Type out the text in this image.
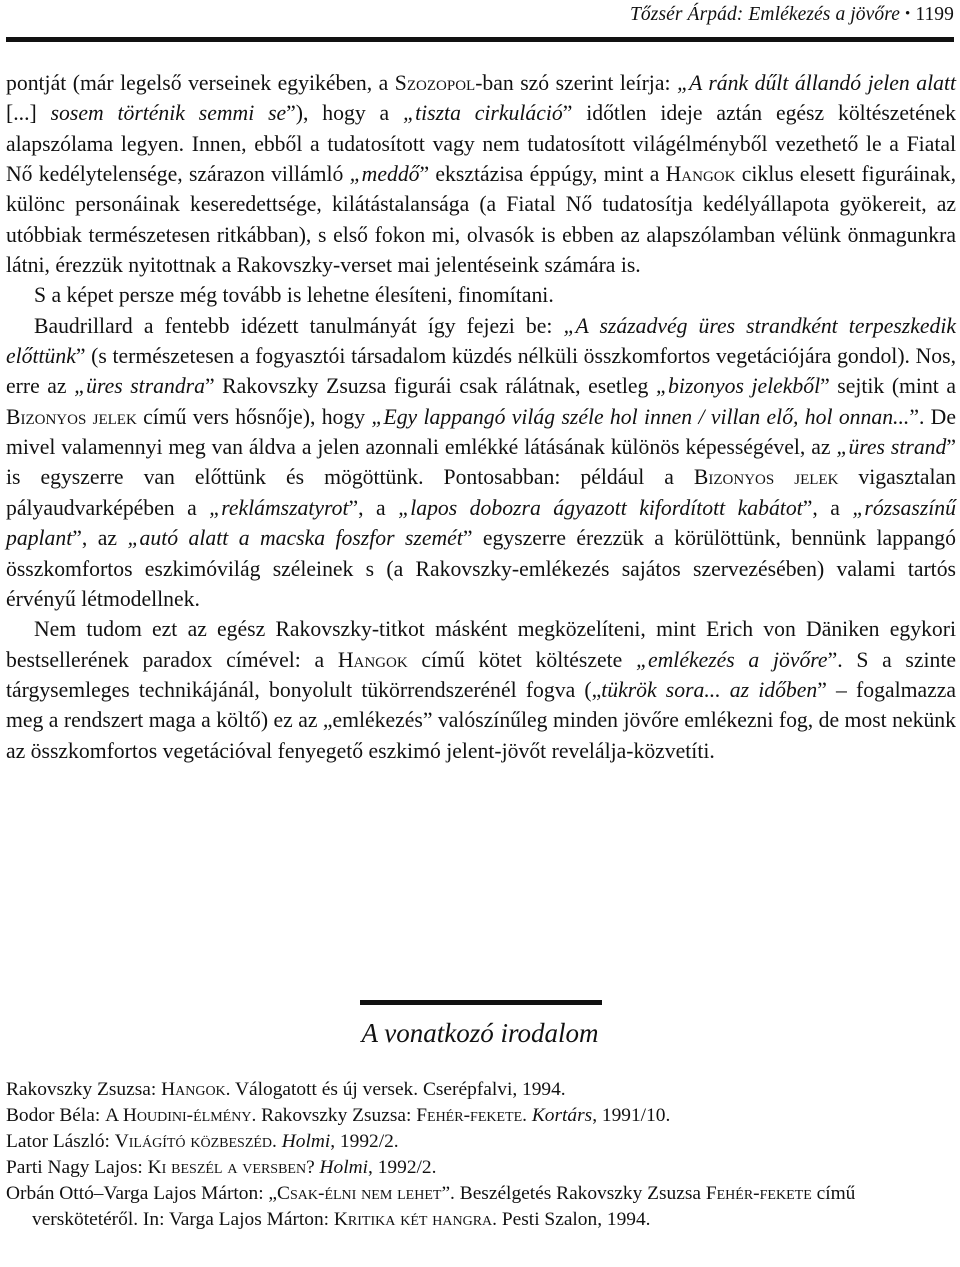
Tőzsér Árpád: Emlékezés a jövőre • 1199

pontját (már legelső verseinek egyikében, a Szozopol-ban szó szerint leírja: „A ránk dűlt állandó jelen alatt [...] sosem történik semmi se”), hogy a „tiszta cirkuláció” időtlen ideje aztán egész költészetének alapszólama legyen. Innen, ebből a tudatosított vagy nem tudatosított világélményből vezethető le a Fiatal Nő kedélytelensége, szárazon villámló „meddő” eksztázisa éppúgy, mint a Hangok ciklus elesett figuráinak, különc personáinak keseredettsége, kilátástalansága (a Fiatal Nő tudatosítja kedélyállapota gyökereit, az utóbbiak természetesen ritkábban), s első fokon mi, olvasók is ebben az alapszólamban vélünk önmagunkra látni, érezzük nyitottnak a Rakovszky-verset mai jelentéseink számára is.

S a képet persze még tovább is lehetne élesíteni, finomítani.

Baudrillard a fentebb idézett tanulmányát így fejezi be: „A századvég üres strandként terpeszkedik előttünk” (s természetesen a fogyasztói társadalom küzdés nélküli összkomfortos vegetációjára gondol). Nos, erre az „üres strandra” Rakovszky Zsuzsa figurái csak rálátnak, esetleg „bizonyos jelekből” sejtik (mint a Bizonyos jelek című vers hősnője), hogy „Egy lappangó világ széle hol innen / villan elő, hol onnan...”. De mivel valamennyi meg van áldva a jelen azonnali emlékké látásának különös képességével, az „üres strand” is egyszerre van előttünk és mögöttünk. Pontosabban: például a Bizonyos jelek vigasztalan pályaudvarképében a „reklámszatyrot”, a „lapos dobozra ágyazott kifordított kabátot”, a „rózsaszínű paplant”, az „autó alatt a macska foszfor szemét” egyszerre érezzük a körülöttünk, bennünk lappangó összkomfortos eszkimóvilág széleinek s (a Rakovszky-emlékezés sajátos szervezésében) valami tartós érvényű létmodellnek.

Nem tudom ezt az egész Rakovszky-titkot másként megközelíteni, mint Erich von Däniken egykori bestsellerének paradox címével: a Hangok című kötet költészete „emlékezés a jövőre”. S a szinte tárgysemleges technikájánál, bonyolult tükörrendszerénél fogva („tükrök sora... az időben” – fogalmazza meg a rendszert maga a költő) ez az „emlékezés” valószínűleg minden jövőre emlékezni fog, de most nekünk az összkomfortos vegetációval fenyegető eszkimó jelent-jövőt revelálja-közvetíti.

A vonatkozó irodalom

Rakovszky Zsuzsa: Hangok. Válogatott és új versek. Cserépfalvi, 1994.

Bodor Béla: A Houdini-élmény. Rakovszky Zsuzsa: Fehér-fekete. Kortárs, 1991/10.

Lator László: Világító közbeszéd. Holmi, 1992/2.

Parti Nagy Lajos: Ki beszél a versben? Holmi, 1992/2.

Orbán Ottó–Varga Lajos Márton: „Csak-élni nem lehet”. Beszélgetés Rakovszky Zsuzsa Fehér-fekete című verskötetéről. In: Varga Lajos Márton: Kritika két hangra. Pesti Szalon, 1994.
